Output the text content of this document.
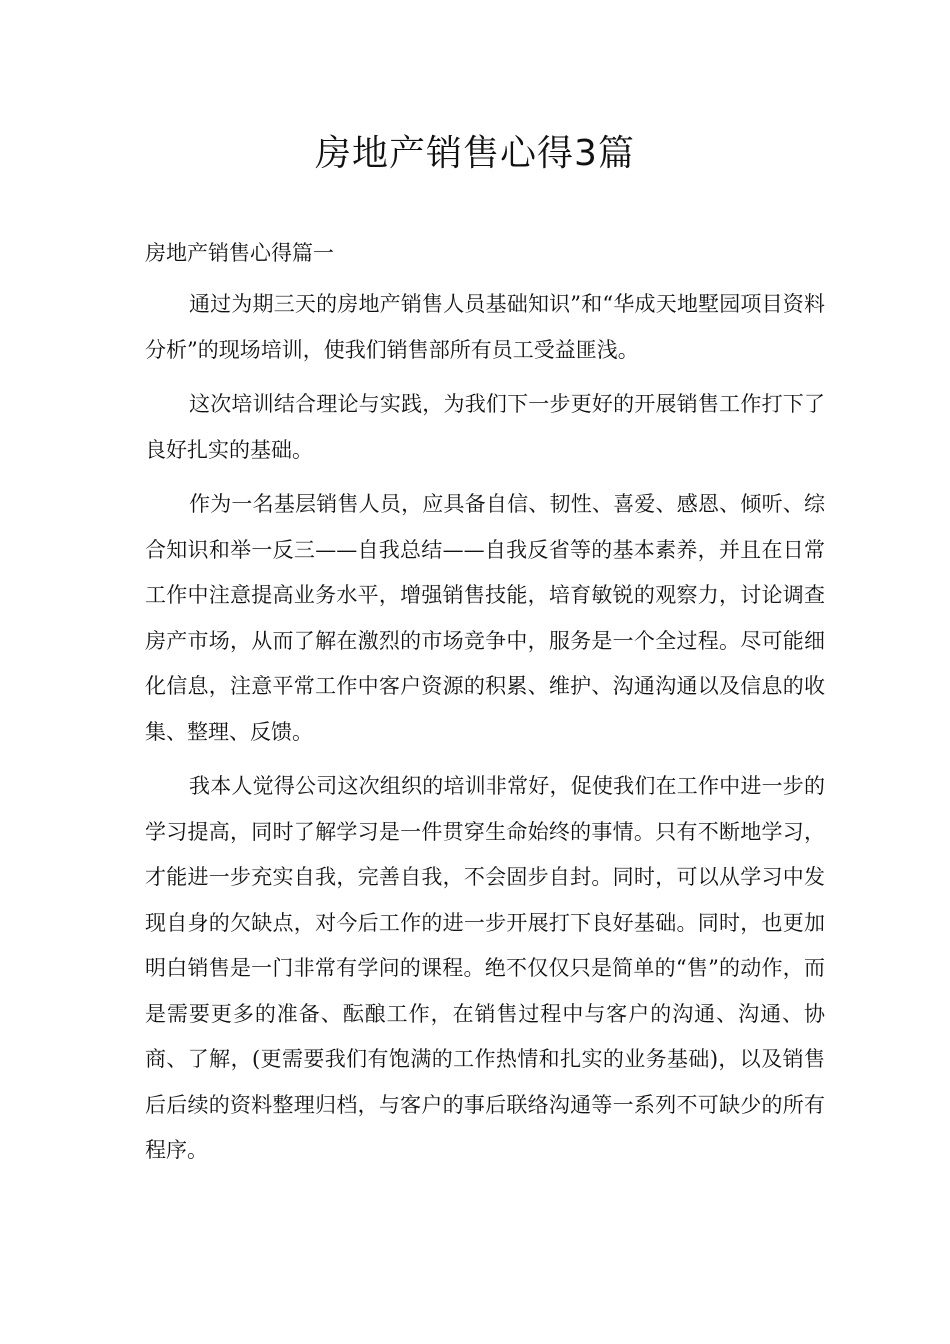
房地产销售心得3篇
房地产销售心得篇一

通过为期三天的房地产销售人员基础知识”和“华成天地墅园项目资料分析”的现场培训，使我们销售部所有员工受益匪浅。

这次培训结合理论与实践，为我们下一步更好的开展销售工作打下了良好扎实的基础。

作为一名基层销售人员，应具备自信、韧性、喜爱、感恩、倾听、综合知识和举一反三——自我总结——自我反省等的基本素养，并且在日常工作中注意提高业务水平，增强销售技能，培育敏锐的观察力，讨论调查房产市场，从而了解在激烈的市场竞争中，服务是一个全过程。尽可能细化信息，注意平常工作中客户资源的积累、维护、沟通沟通以及信息的收集、整理、反馈。

我本人觉得公司这次组织的培训非常好，促使我们在工作中进一步的学习提高，同时了解学习是一件贯穿生命始终的事情。只有不断地学习，才能进一步充实自我，完善自我，不会固步自封。同时，可以从学习中发现自身的欠缺点，对今后工作的进一步开展打下良好基础。同时，也更加明白销售是一门非常有学问的课程。绝不仅仅只是简单的“售”的动作，而是需要更多的准备、酝酿工作，在销售过程中与客户的沟通、沟通、协商、了解，(更需要我们有饱满的工作热情和扎实的业务基础)，以及销售后后续的资料整理归档，与客户的事后联络沟通等一系列不可缺少的所有程序。
